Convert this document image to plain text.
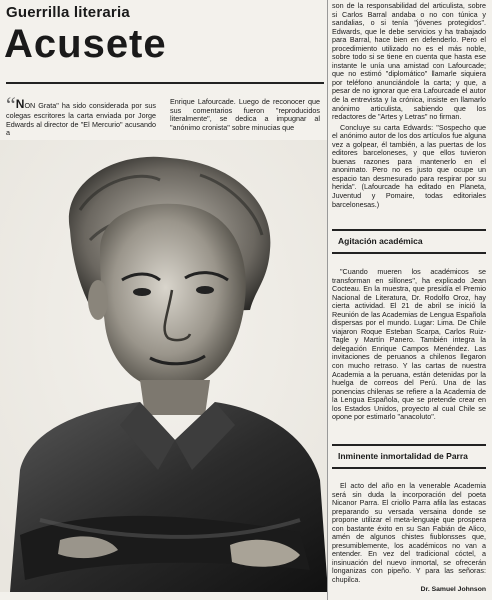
Guerrilla literaria
Acusete
“NON Grata" ha sido considerada por sus colegas escritores la carta enviada por Jorge Edwards al director de "El Mercurio" acusando a
Enrique Lafourcade. Luego de reconocer que sus comentarios fueron "reproducidos literalmente", se dedica a impugnar al "anónimo cronista" sobre minucias que

son de la responsabilidad del articulista, sobre si Carlos Barral andaba o no con túnica y sandalias, o si tenía "jóvenes protegidos". Edwards, que le debe servicios y ha trabajado para Barral, hace bien en defenderlo. Pero el procedimiento utilizado no es el más noble, sobre todo si se tiene en cuenta que hasta ese instante le unía una amistad con Lafourcade; que no estimó "diplomático" llamarle siquiera por teléfono anunciándole la carta; y que, a pesar de no ignorar que era Lafourcade el autor de la entrevista y la crónica, insiste en llamarlo anónimo articulista, sabiendo que los redactores de "Artes y Letras" no firman.

Concluye su carta Edwards: "Sospecho que el anónimo autor de los dos artículos fue alguna vez a golpear, él también, a las puertas de los editores barceloneses, y que ellos tuvieron buenas razones para mantenerlo en el anonimato. Pero no es justo que ocupe un espacio tan desmesurado para respirar por su herida". (Lafourcade ha editado en Planeta, Juventud y Pomaire, todas editoriales barcelonesas.)

Agitación académica

"Cuando mueren los académicos se transforman en sillones", ha explicado Jean Cocteau. En la muestra, que presidía el Premio Nacional de Literatura, Dr. Rodolfo Oroz, hay cierta actividad. El 21 de abril se inició la Reunión de las Academias de Lengua Española dispersas por el mundo. Lugar: Lima. De Chile viajaron Roque Esteban Scarpa, Carlos Ruiz-Tagle y Martín Panero. También integra la delegación Enrique Campos Menéndez. Las invitaciones de peruanos a chilenos llegaron con mucho retraso. Y las cartas de nuestra Academia a la peruana, están detenidas por la huelga de correos del Perú. Una de las ponencias chilenas se refiere a la Academia de la Lengua Española, que se pretende crear en los Estados Unidos, proyecto al cual Chile se opone por estimarlo "anacoluto".

Inminente inmortalidad de Parra

El acto del año en la venerable Academia será sin duda la incorporación del poeta Nicanor Parra. El criollo Parra afila las estacas preparando su versada versaina donde se propone utilizar el meta-lenguaje que prospera con bastante éxito en su San Fabián de Alico, amén de algunos chistes fiublonsses que, presumiblemente, los académicos no van a entender. En vez del tradicional cóctel, a insinuación del nuevo inmortal, se ofrecerán longanizas con pipeño. Y para las señoras: chupilca.

Dr. Samuel Johnson
